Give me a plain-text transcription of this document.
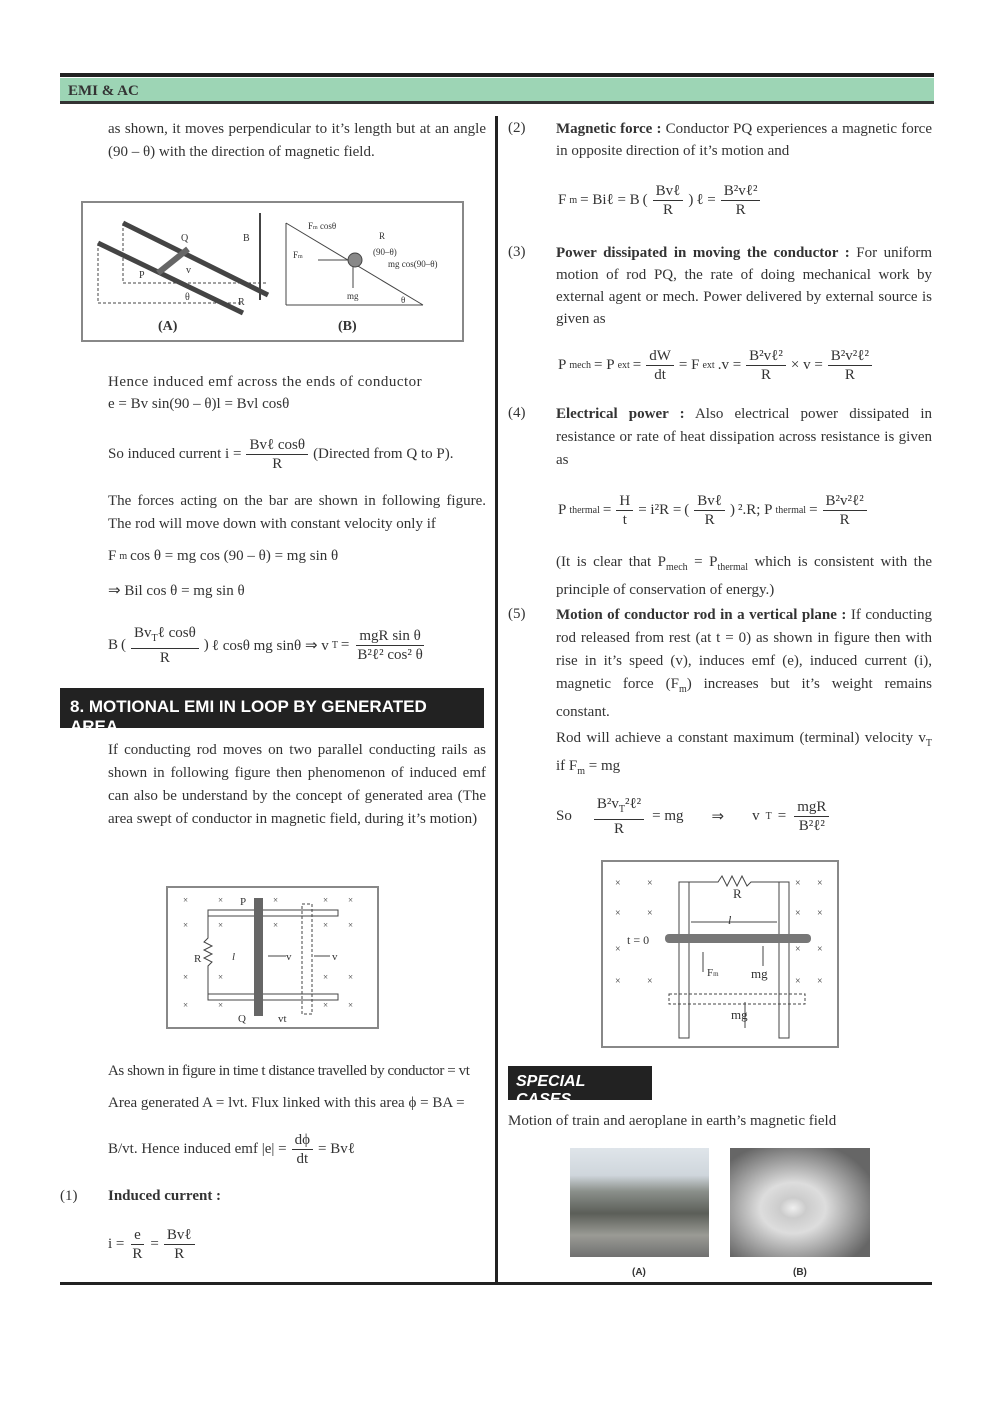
EMI & AC

as shown, it moves perpendicular to it’s length but at an angle (90 – θ) with the direction of magnetic field.

Q
P	v
θ	R
B
Fm cosθ
Fm
R
(90–θ)
mg cos(90–θ)
mg	θ
(A)	(B)

Hence induced emf across the ends of conductor

e = Bv sin(90 – θ)l = Bvl cosθ
So induced current i =
Bvℓ cosθ
R
(Directed from Q to P).

The forces acting on the bar are shown in following figure. The rod will move down with constant velocity only if

F m cos θ = mg cos (90 – θ) = mg sin θ
⇒ Bil cos θ = mg sin θ
B (
$Bv_T\ell$ cosθ
R
) ℓ cosθ mg sinθ ⇒ v T =
mgR sin θ
B²ℓ² cos² θ
8. MOTIONAL EMI IN LOOP BY GENERATED AREA

If conducting rod moves on two parallel conducting rails as shown in following figure then phenomenon of induced emf can also be understand by the concept of generated area (The area swept of conductor in magnetic field, during it’s motion)

×	×	×	× ×
×	×	×	× ×
×	×	× ×
×	×	× ×
P
Q
R	l	v	v
vt

As shown in figure in time t distance travelled by conductor = vt

Area generated A = lvt. Flux linked with this area ϕ = BA =

B/vt. Hence induced emf $|e| = \frac{d\phi}{dt}$ = Bvℓ
(1) Induced current :
$i = \frac{e}{R}$ =
Bvℓ
R
(2) Magnetic force : Conductor PQ experiences a magnetic force in opposite direction of it’s motion and

F m = Biℓ = B (
Bvℓ
R
) ℓ =
B²vℓ²
R
(3) Power dissipated in moving the conductor : For uniform motion of rod PQ, the rate of doing mechanical work by external agent or mech. Power delivered by external source is given as

P mech = P ext = $\frac{dW}{dt} = F$ ext .v =
B²vℓ²
R
× v =
B²v²ℓ²
R
(4) Electrical power : Also electrical power dissipated in resistance or rate of heat dissipation across resistance is given as

P thermal = $\frac{H}{t} = i^2R$ = (
Bvℓ
R
) ².R; P thermal =
B²v²ℓ²
R

(It is clear that $P_{mech} = P_{thermal}$ which is consistent with the principle of conservation of energy.)

(5) Motion of conductor rod in a vertical plane : If conducting rod released from rest (at t = 0) as shown in figure then with rise in it’s speed (v), induces emf (e), induced current (i), magnetic force $(F_m)$ increases but it’s weight remains constant.

Rod will achieve a constant maximum (terminal) velocity $v_T$ if $F_m$ = mg

So
$B^2v_T^2\ell^2$
R
= mg ⇒ v T =
mgR
B²ℓ²
×	×	× ×
×	×	× ×
×	× ×
×	×	× ×
R
l
t = 0
Fm mg
mg
SPECIAL CASES

Motion of train and aeroplane in earth’s magnetic field

(A)	(B)
